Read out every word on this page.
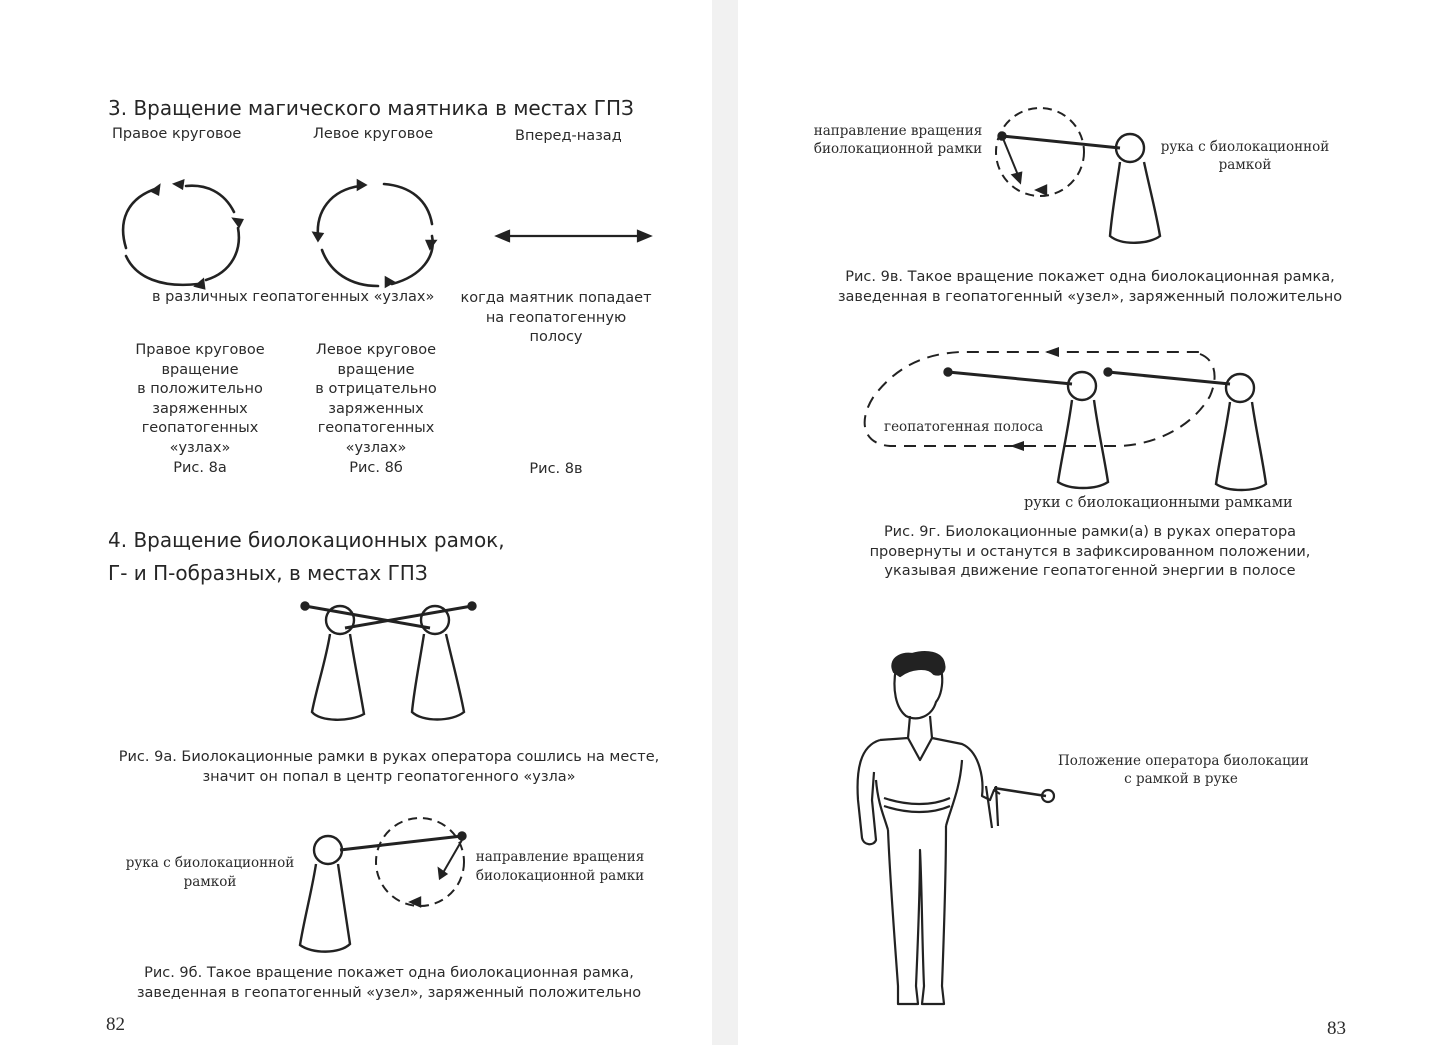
3. Вращение магического маятника в местах ГПЗ
Правое круговое	Левое круговое	Вперед-назад
в различных геопатогенных «узлах»	когда маятник попадает
на геопатогенную
полосу
Правое круговое
вращение
в положительно
заряженных
геопатогенных
«узлах»
Рис. 8а
Левое круговое
вращение
в отрицательно
заряженных
геопатогенных
«узлах»
Рис. 8б	Рис. 8в
4. Вращение биолокационных рамок,
Г- и П-образных, в местах ГПЗ
Рис. 9а. Биолокационные рамки в руках оператора сошлись на месте,
значит он попал в центр геопатогенного «узла»
рука с биолокационной
рамкой
направление вращения
биолокационной рамки
Рис. 9б. Такое вращение покажет одна биолокационная рамка,
заведенная в геопатогенный «узел», заряженный положительно
82
направление вращения
биолокационной рамки	рука с биолокационной
рамкой
Рис. 9в. Такое вращение покажет одна биолокационная рамка,
заведенная в геопатогенный «узел», заряженный положительно
геопатогенная полоса
руки с биолокационными рамками
Рис. 9г. Биолокационные рамки(а) в руках оператора
провернуты и останутся в зафиксированном положении,
указывая движение геопатогенной энергии в полосе
Положение оператора биолокации
с рамкой в руке
83
